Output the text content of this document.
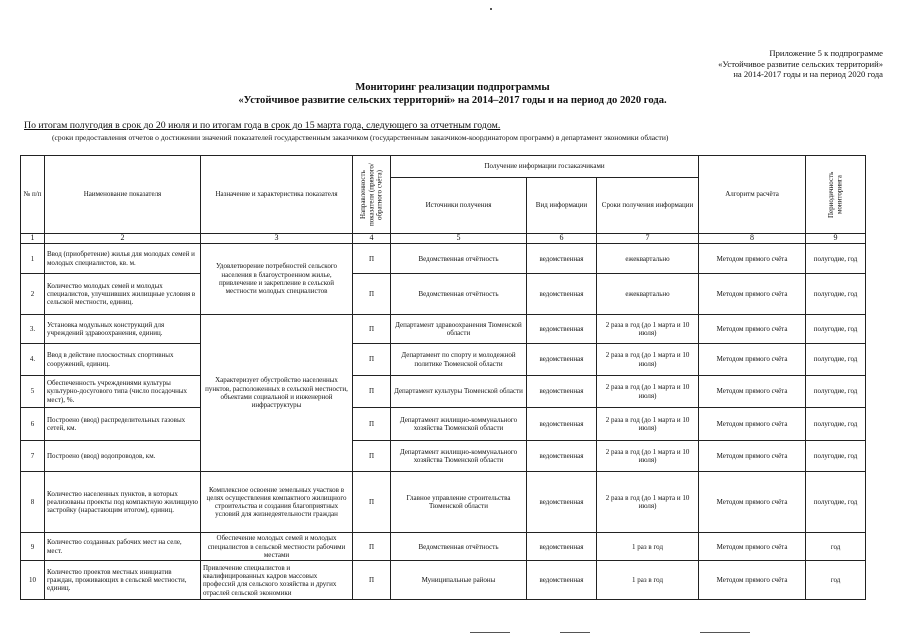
Приложение 5 к подпрограмме
«Устойчивое развитие сельских территорий»
на 2014-2017 годы и на период 2020 года
Мониторинг реализации подпрограммы
«Устойчивое развитие сельских территорий» на 2014–2017 годы и на период до 2020 года.
По итогам полугодия в срок до 20 июля и по итогам года в срок до 15 марта года, следующего за отчетным годом.
(сроки предоставления отчетов о достижении значений показателей государственным заказчиком (государственным заказчиком-координатором программ) в департамент экономики области)
№ п/п	Наименование показателя	Назначение и характеристика показателя	Направленность показателя (прямого/обратного счёта)	Получение информации госзаказчиками			Алгоритм расчёта	Периодичность мониторинга

				Источники получения	Вид информации	Сроки получения информации		
1	2	3	4	5	6	7	8	9
1	Ввод (приобретение) жилья для молодых семей и молодых специалистов, кв. м.	Удовлетворение потребностей сельского населения в благоустроенном жилье, привлечение и закрепление в сельской местности молодых специалистов	П	Ведомственная отчётность	ведомственная	ежеквартально	Методом прямого счёта	полугодие, год
2	Количество молодых семей и молодых специалистов, улучшивших жилищные условия в сельской местности, единиц.		П	Ведомственная отчётность	ведомственная	ежеквартально	Методом прямого счёта	полугодие, год
3.	Установка модульных конструкций для учреждений здравоохранения, единиц.	Характеризует обустройство населенных пунктов, расположенных в сельской местности, объектами социальной и инженерной инфраструктуры	П	Департамент здравоохранения Тюменской области	ведомственная	2 раза в год (до 1 марта и 10 июля)	Методом прямого счёта	полугодие, год
4.	Ввод в действие плоскостных спортивных сооружений, единиц.		П	Департамент по спорту и молодежной политике Тюменской области	ведомственная	2 раза в год (до 1 марта и 10 июля)	Методом прямого счёта	полугодие, год
5	Обеспеченность учреждениями культуры культурно-досугового типа (число посадочных мест), %.		П	Департамент культуры Тюменской области	ведомственная	2 раза в год (до 1 марта и 10 июля)	Методом прямого счёта	полугодие, год
6	Построено (ввод) распределительных газовых сетей, км.		П	Департамент жилищно-коммунального хозяйства Тюменской области	ведомственная	2 раза в год (до 1 марта и 10 июля)	Методом прямого счёта	полугодие, год
7	Построено (ввод) водопроводов, км.		П	Департамент жилищно-коммунального хозяйства Тюменской области	ведомственная	2 раза в год (до 1 марта и 10 июля)	Методом прямого счёта	полугодие, год
8	Количество населенных пунктов, в которых реализованы проекты под компактную жилищную застройку (нарастающим итогом), единиц.	Комплексное освоение земельных участков в целях осуществления компактного жилищного строительства и создания благоприятных условий для жизнедеятельности граждан	П	Главное управление строительства Тюменской области	ведомственная	2 раза в год (до 1 марта и 10 июля)	Методом прямого счёта	полугодие, год
9	Количество созданных рабочих мест на селе, мест.	Обеспечение молодых семей и молодых специалистов в сельской местности рабочими местами	П	Ведомственная отчётность	ведомственная	1 раз в год	Методом прямого счёта	год
10	Количество проектов местных инициатив граждан, проживающих в сельской местности, единиц.	Привлечение специалистов и квалифицированных кадров массовых профессий для сельского хозяйства и других отраслей сельской экономики	П	Муниципальные районы	ведомственная	1 раз в год	Методом прямого счёта	год
